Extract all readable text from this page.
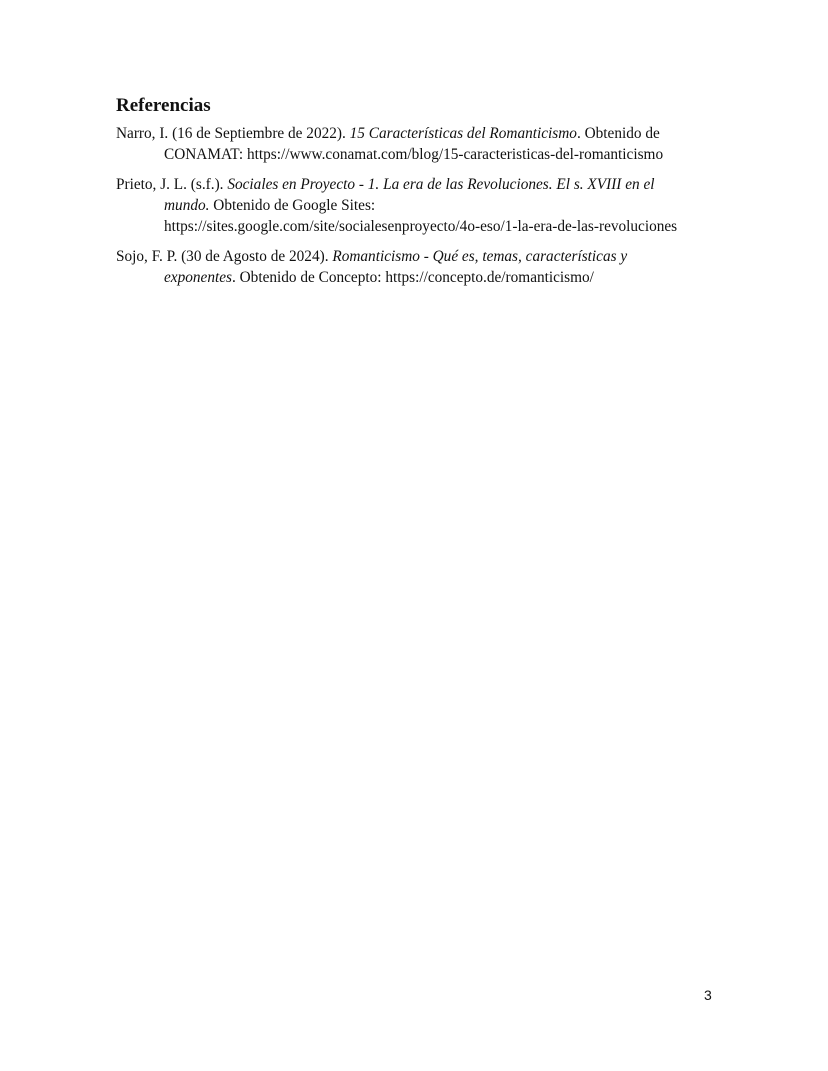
Referencias
Narro, I. (16 de Septiembre de 2022). 15 Características del Romanticismo. Obtenido de
CONAMAT: https://www.conamat.com/blog/15-caracteristicas-del-romanticismo
Prieto, J. L. (s.f.). Sociales en Proyecto - 1. La era de las Revoluciones. El s. XVIII en el
mundo. Obtenido de Google Sites:
https://sites.google.com/site/socialesenproyecto/4o-eso/1-la-era-de-las-revoluciones
Sojo, F. P. (30 de Agosto de 2024). Romanticismo - Qué es, temas, características y
exponentes. Obtenido de Concepto: https://concepto.de/romanticismo/
3
